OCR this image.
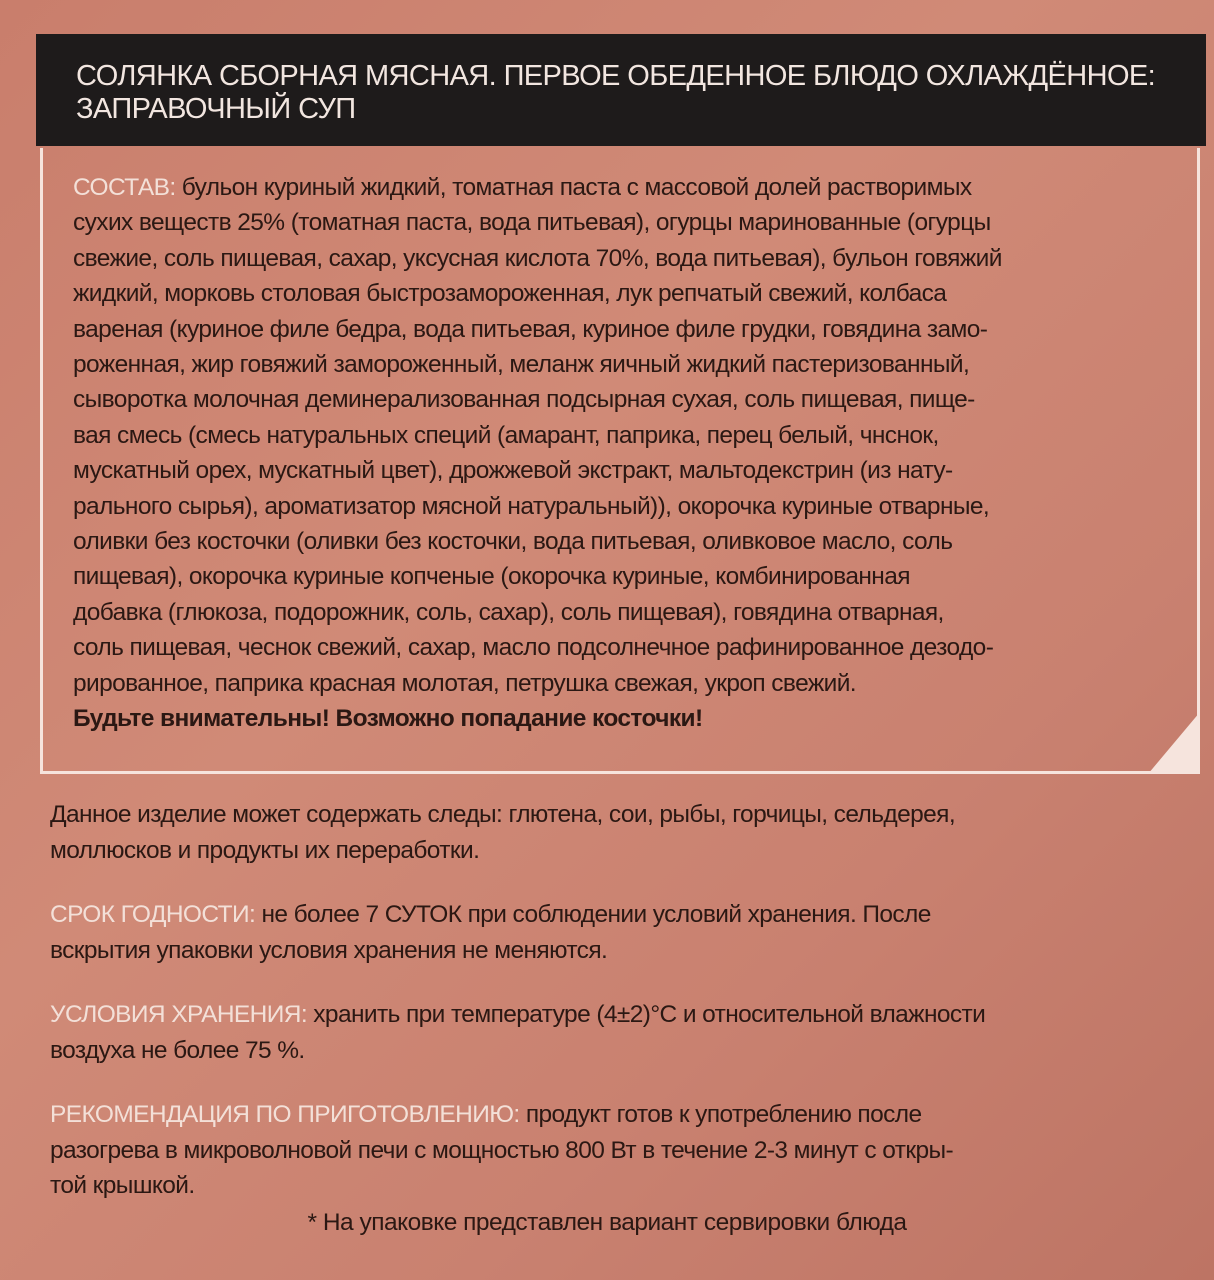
СОЛЯНКА СБОРНАЯ МЯСНАЯ. ПЕРВОЕ ОБЕДЕННОЕ БЛЮДО ОХЛАЖДЁННОЕ:
ЗАПРАВОЧНЫЙ СУП
СОСТАВ: бульон куриный жидкий, томатная паста с массовой долей растворимых
сухих веществ 25% (томатная паста, вода питьевая), огурцы маринованные (огурцы
свежие, соль пищевая, сахар, уксусная кислота 70%, вода питьевая), бульон говяжий
жидкий, морковь столовая быстрозамороженная, лук репчатый свежий, колбаса
вареная (куриное филе бедра, вода питьевая, куриное филе грудки, говядина замо-
роженная, жир говяжий замороженный, меланж яичный жидкий пастеризованный,
сыворотка молочная деминерализованная подсырная сухая, соль пищевая, пище-
вая смесь (смесь натуральных специй (амарант, паприка, перец белый, чнснок,
мускатный орех, мускатный цвет), дрожжевой экстракт, мальтодекстрин (из нату-
рального сырья), ароматизатор мясной натуральный)), окорочка куриные отварные,
оливки без косточки (оливки без косточки, вода питьевая, оливковое масло, соль
пищевая), окорочка куриные копченые (окорочка куриные, комбинированная
добавка (глюкоза, подорожник, соль, сахар), соль пищевая), говядина отварная,
соль пищевая, чеснок свежий, сахар, масло подсолнечное рафинированное дезодо-
рированное, паприка красная молотая, петрушка свежая, укроп свежий.
Будьте внимательны! Возможно попадание косточки!
Данное изделие может содержать следы: глютена, сои, рыбы, горчицы, сельдерея,
моллюсков и продукты их переработки.
СРОК ГОДНОСТИ: не более 7 СУТОК при соблюдении условий хранения. После
вскрытия упаковки условия хранения не меняются.
УСЛОВИЯ ХРАНЕНИЯ: хранить при температуре (4±2)°С и относительной влажности
воздуха не более 75 %.
РЕКОМЕНДАЦИЯ ПО ПРИГОТОВЛЕНИЮ: продукт готов к употреблению после
разогрева в микроволновой печи с мощностью 800 Вт в течение 2-3 минут с откры-
той крышкой.
* На упаковке представлен вариант сервировки блюда
